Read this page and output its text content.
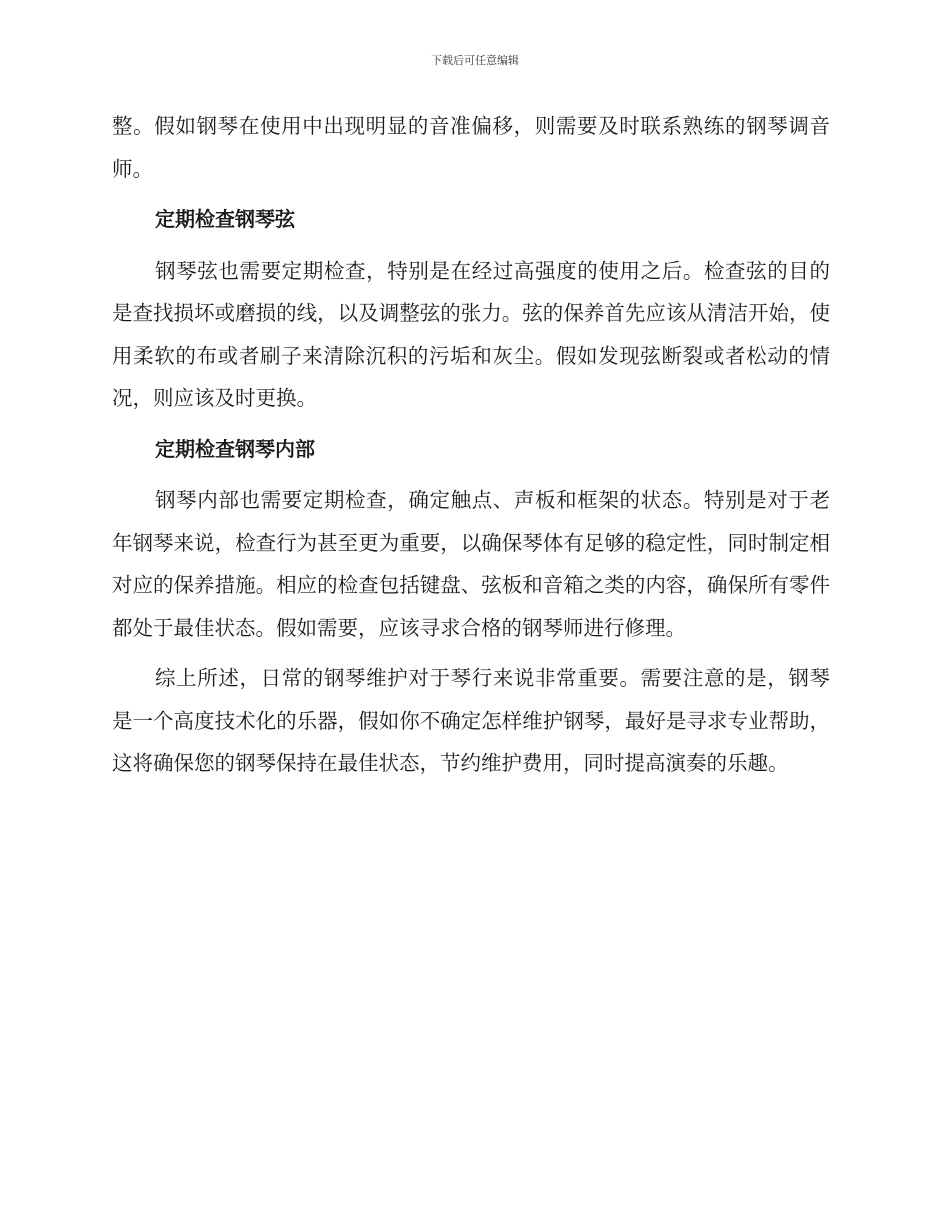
下载后可任意编辑

整。假如钢琴在使用中出现明显的音准偏移，则需要及时联系熟练的钢琴调音师。

定期检查钢琴弦

钢琴弦也需要定期检查，特别是在经过高强度的使用之后。检查弦的目的是查找损坏或磨损的线，以及调整弦的张力。弦的保养首先应该从清洁开始，使用柔软的布或者刷子来清除沉积的污垢和灰尘。假如发现弦断裂或者松动的情况，则应该及时更换。

定期检查钢琴内部

钢琴内部也需要定期检查，确定触点、声板和框架的状态。特别是对于老年钢琴来说，检查行为甚至更为重要，以确保琴体有足够的稳定性，同时制定相对应的保养措施。相应的检查包括键盘、弦板和音箱之类的内容，确保所有零件都处于最佳状态。假如需要，应该寻求合格的钢琴师进行修理。

综上所述，日常的钢琴维护对于琴行来说非常重要。需要注意的是，钢琴是一个高度技术化的乐器，假如你不确定怎样维护钢琴，最好是寻求专业帮助，这将确保您的钢琴保持在最佳状态，节约维护费用，同时提高演奏的乐趣。
